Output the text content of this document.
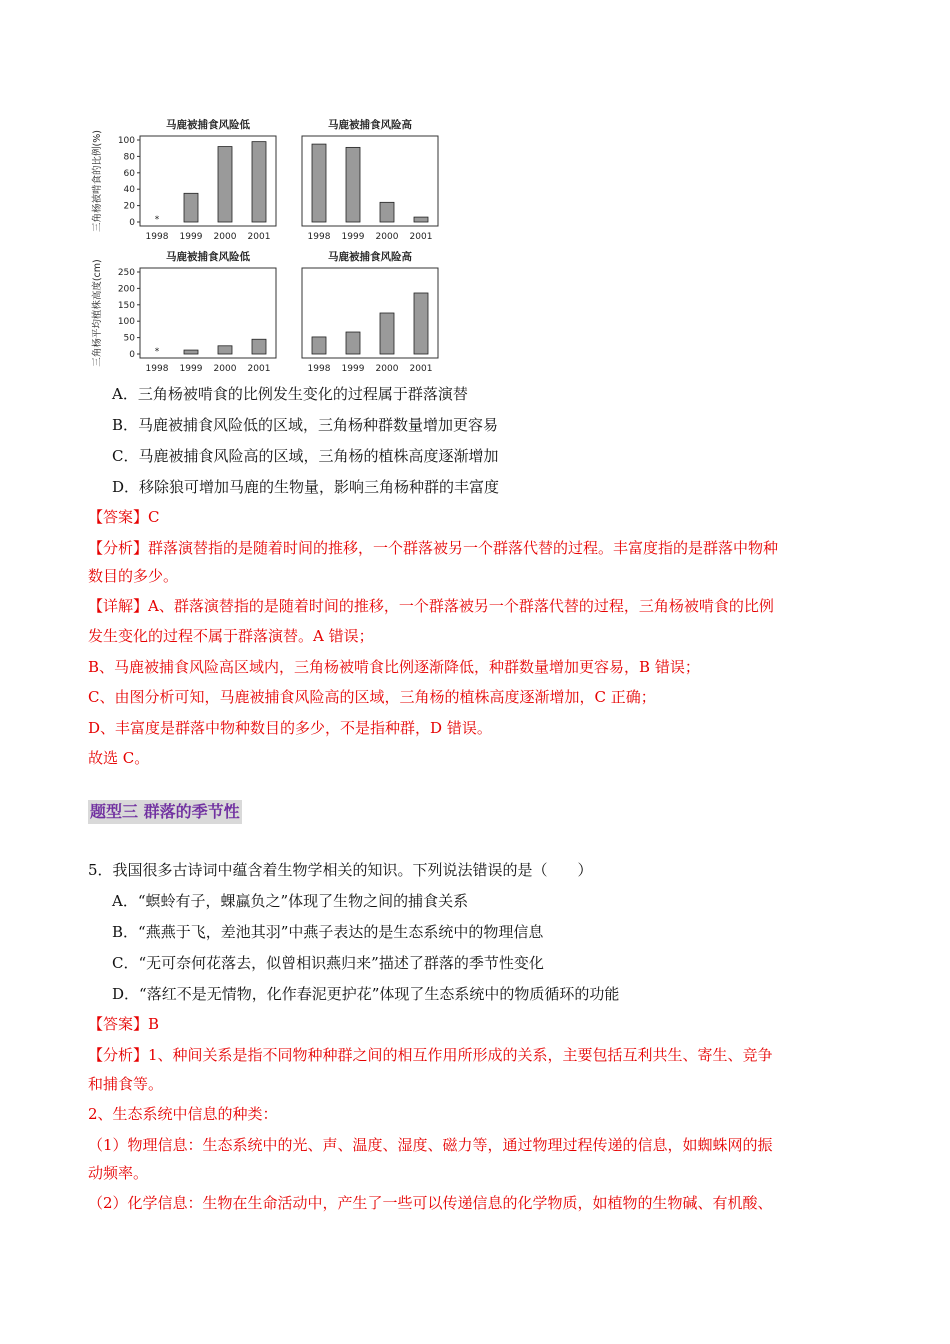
马鹿被捕食风险低
100
80
60
40
20
0
三角杨被啃食的比例(%)
1998
*
1999 2000 2001
马鹿被捕食风险高
1998 1999 2000 2001
马鹿被捕食风险低
250
200
150
100
50
0
三角杨平均植株高度(cm)
1998
*
1999 2000 2001
马鹿被捕食风险高
1998 1999 2000 2001
A．三角杨被啃食的比例发生变化的过程属于群落演替
B．马鹿被捕食风险低的区域，三角杨种群数量增加更容易
C．马鹿被捕食风险高的区域，三角杨的植株高度逐渐增加
D．移除狼可增加马鹿的生物量，影响三角杨种群的丰富度
【答案】C
【分析】群落演替指的是随着时间的推移，一个群落被另一个群落代替的过程。丰富度指的是群落中物种
数目的多少。
【详解】A、群落演替指的是随着时间的推移，一个群落被另一个群落代替的过程，三角杨被啃食的比例
发生变化的过程不属于群落演替。A 错误；
B、马鹿被捕食风险高区域内，三角杨被啃食比例逐渐降低，种群数量增加更容易，B 错误；
C、由图分析可知，马鹿被捕食风险高的区域，三角杨的植株高度逐渐增加，C 正确；
D、丰富度是群落中物种数目的多少，不是指种群，D 错误。
故选 C。
题型三 群落的季节性
5．我国很多古诗词中蕴含着生物学相关的知识。下列说法错误的是（　　）
A．“螟蛉有子，蜾蠃负之”体现了生物之间的捕食关系
B．“燕燕于飞，差池其羽”中燕子表达的是生态系统中的物理信息
C．“无可奈何花落去，似曾相识燕归来”描述了群落的季节性变化
D．“落红不是无情物，化作春泥更护花”体现了生态系统中的物质循环的功能
【答案】B
【分析】1、种间关系是指不同物种种群之间的相互作用所形成的关系，主要包括互利共生、寄生、竞争
和捕食等。
2、生态系统中信息的种类：
（1）物理信息：生态系统中的光、声、温度、湿度、磁力等，通过物理过程传递的信息，如蜘蛛网的振
动频率。
（2）化学信息：生物在生命活动中，产生了一些可以传递信息的化学物质，如植物的生物碱、有机酸、
